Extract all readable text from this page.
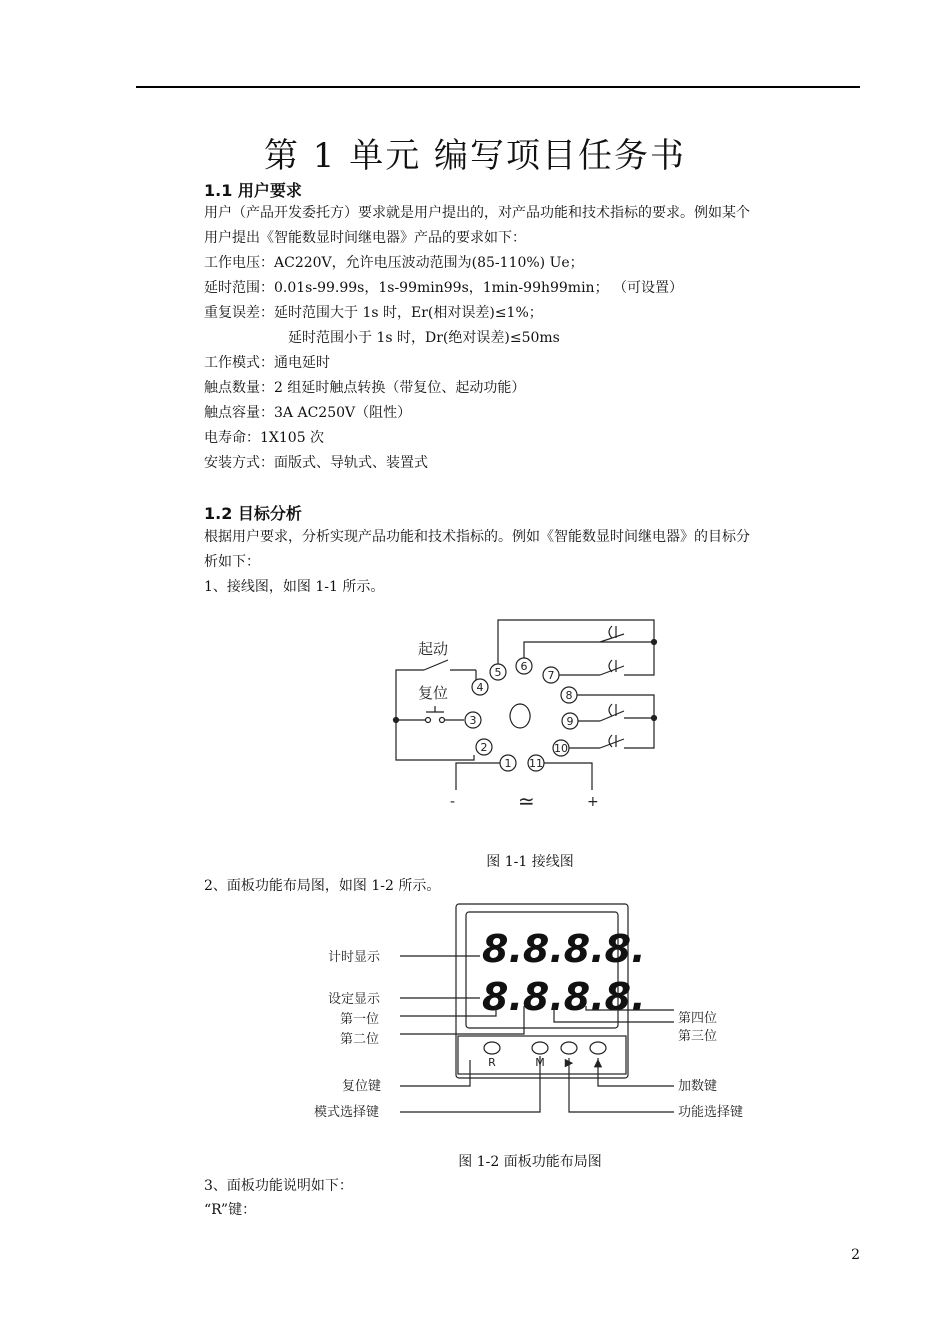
第 1 单元 编写项目任务书
1.1 用户要求
用户（产品开发委托方）要求就是用户提出的，对产品功能和技术指标的要求。例如某个
用户提出《智能数显时间继电器》产品的要求如下：
工作电压：AC220V，允许电压波动范围为(85-110%) Ue；
延时范围：0.01s-99.99s，1s-99min99s，1min-99h99min； （可设置）
重复误差：延时范围大于 1s 时，Er(相对误差)≤1%；
延时范围小于 1s 时，Dr(绝对误差)≤50ms
工作模式：通电延时
触点数量：2 组延时触点转换（带复位、起动功能）
触点容量：3A AC250V（阻性）
电寿命：1X105 次
安装方式：面版式、导轨式、装置式
1.2 目标分析
根据用户要求，分析实现产品功能和技术指标的。例如《智能数显时间继电器》的目标分
析如下：
1、接线图，如图 1-1 所示。
起动
复位	4
3
2
5 6
7
8
9
10
11
1
-	≃	+
图 1-1 接线图
2、面板功能布局图，如图 1-2 所示。
8.8.8.8.
8.8.8.8.
R	M ▶ ▲
计时显示
设定显示
第一位
第二位
第四位
第三位
复位键
模式选择键
加数键
功能选择键
图 1-2 面板功能布局图
3、面板功能说明如下：
“R”键：
2
